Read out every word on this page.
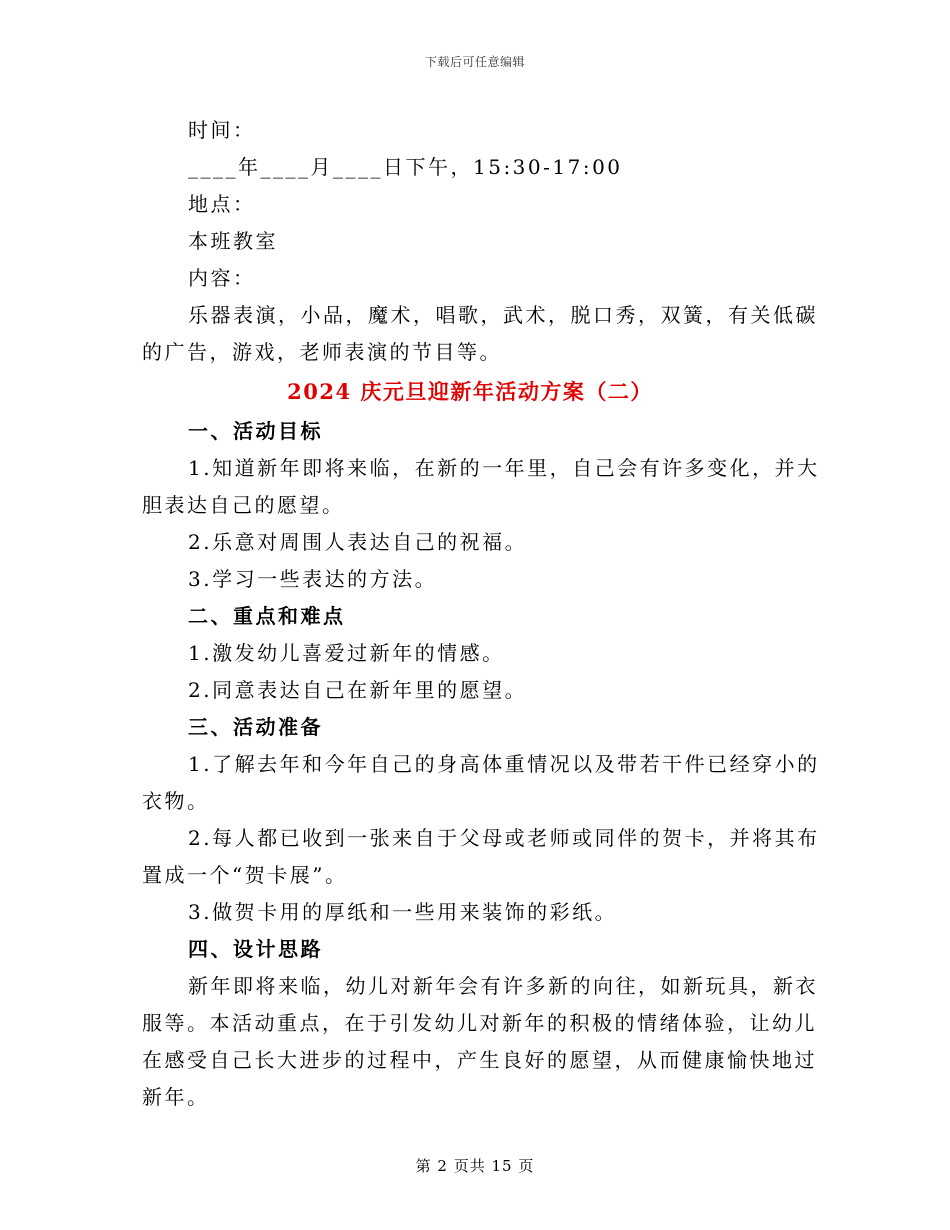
下载后可任意编辑
时间：
____年____月____日下午，15:30-17:00
地点：
本班教室
内容：
乐器表演，小品，魔术，唱歌，武术，脱口秀，双簧，有关低碳
的广告，游戏，老师表演的节目等。
2024 庆元旦迎新年活动方案（二）
一、活动目标
1.知道新年即将来临，在新的一年里，自己会有许多变化，并大
胆表达自己的愿望。
2.乐意对周围人表达自己的祝福。
3.学习一些表达的方法。
二、重点和难点
1.激发幼儿喜爱过新年的情感。
2.同意表达自己在新年里的愿望。
三、活动准备
1.了解去年和今年自己的身高体重情况以及带若干件已经穿小的
衣物。
2.每人都已收到一张来自于父母或老师或同伴的贺卡，并将其布
置成一个“贺卡展”。
3.做贺卡用的厚纸和一些用来装饰的彩纸。
四、设计思路
新年即将来临，幼儿对新年会有许多新的向往，如新玩具，新衣
服等。本活动重点，在于引发幼儿对新年的积极的情绪体验，让幼儿
在感受自己长大进步的过程中，产生良好的愿望，从而健康愉快地过
新年。
第 2 页共 15 页
